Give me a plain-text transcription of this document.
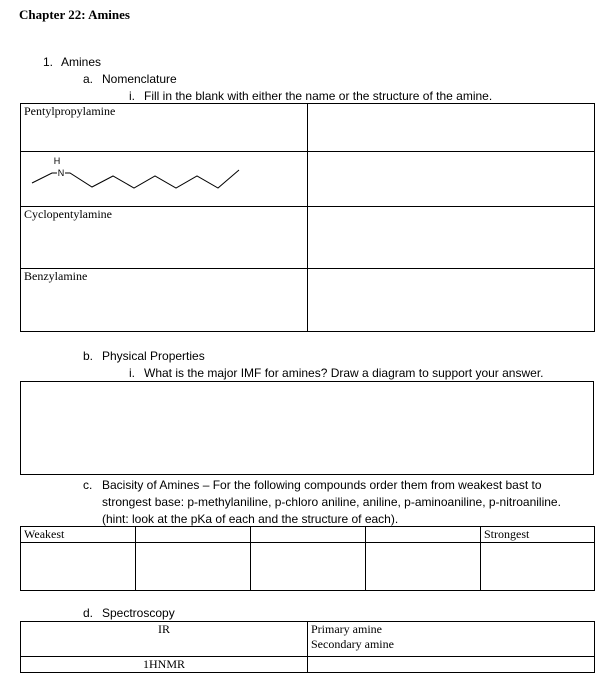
Chapter 22: Amines
1. Amines
a. Nomenclature
i. Fill in the blank with either the name or the structure of the amine.
Pentylpropylamine	

H
N	

Cyclopentylamine	
Benzylamine	
b. Physical Properties
i. What is the major IMF for amines? Draw a diagram to support your answer.
c. Bacisity of Amines – For the following compounds order them from weakest bast to
strongest base: p-methylaniline, p-chloro aniline, aniline, p-aminoaniline, p-nitroaniline.
(hint: look at the pKa of each and the structure of each).
Weakest				Strongest

d. Spectroscopy
IR	Primary amine
Secondary amine

1HNMR	
